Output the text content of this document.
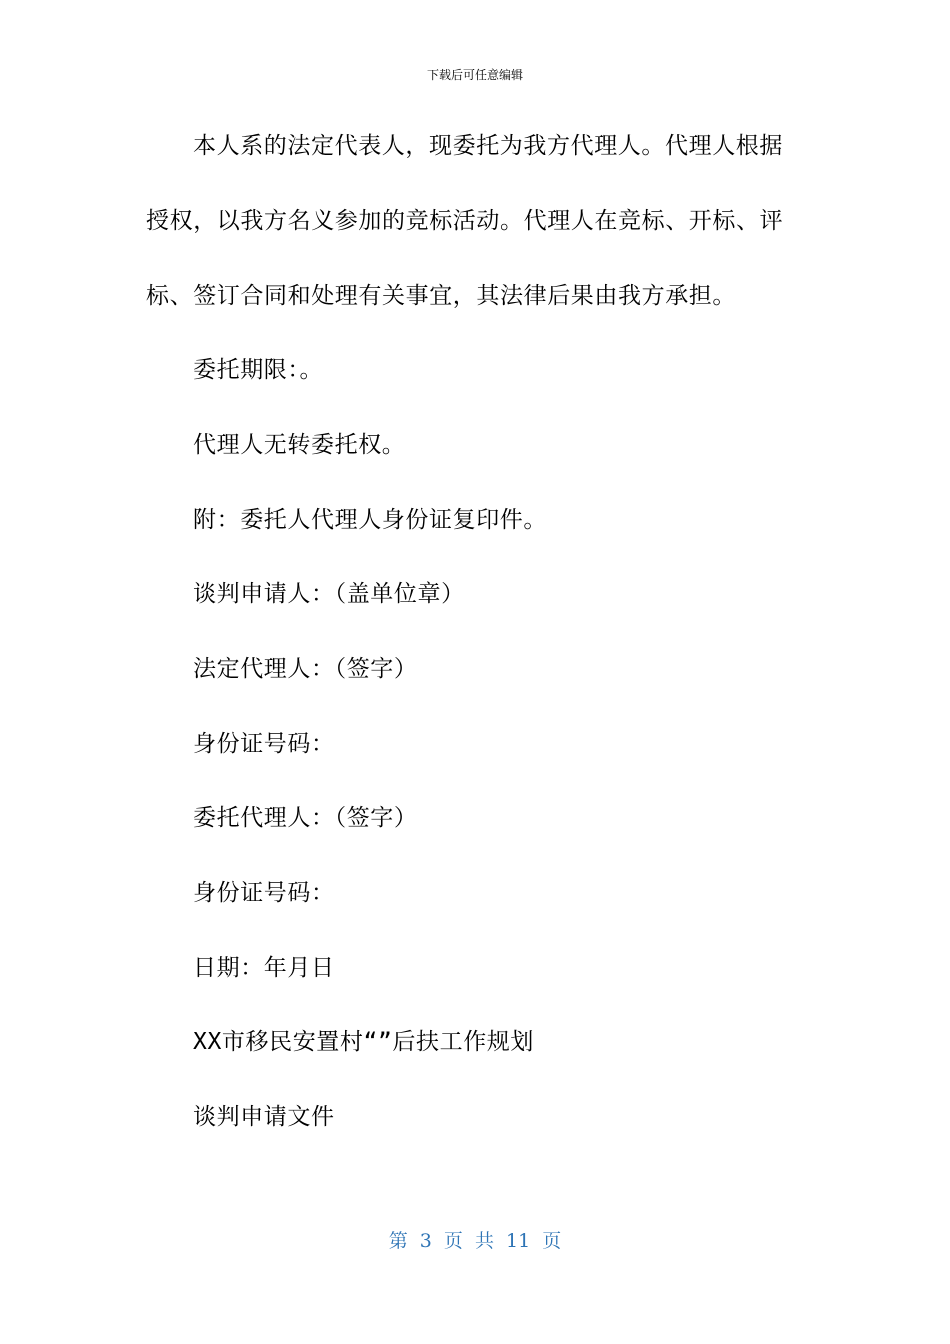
下载后可任意编辑
本人系的法定代表人，现委托为我方代理人。代理人根据
授权，以我方名义参加的竞标活动。代理人在竞标、开标、评
标、签订合同和处理有关事宜，其法律后果由我方承担。
委托期限：。
代理人无转委托权。
附：委托人代理人身份证复印件。
谈判申请人：（盖单位章）
法定代理人：（签字）
身份证号码：
委托代理人：（签字）
身份证号码：
日期：年月日
XX市移民安置村“”后扶工作规划
谈判申请文件
第 3 页 共 11 页
